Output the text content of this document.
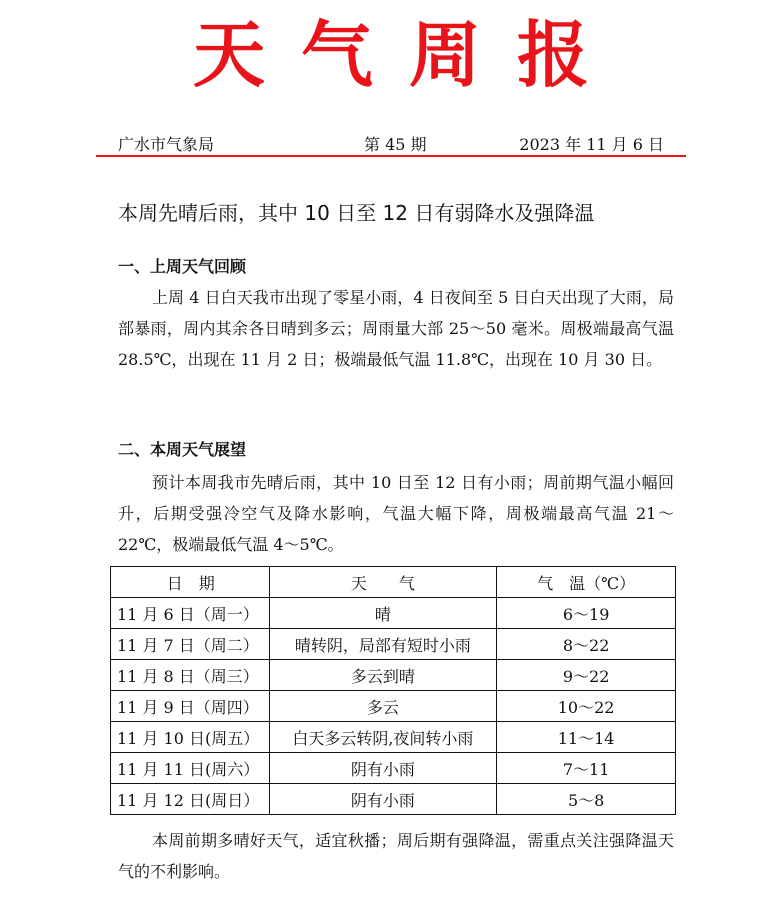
天气周报
广水市气象局	第 45 期	2023 年 11 月 6 日
本周先晴后雨，其中 10 日至 12 日有弱降水及强降温
一、上周天气回顾
上周 4 日白天我市出现了零星小雨，4 日夜间至 5 日白天出现了大雨，局部暴雨，周内其余各日晴到多云；周雨量大部 25～50 毫米。周极端最高气温 28.5℃，出现在 11 月 2 日；极端最低气温 11.8℃，出现在 10 月 30 日。
二、本周天气展望
预计本周我市先晴后雨，其中 10 日至 12 日有小雨；周前期气温小幅回升，后期受强冷空气及降水影响，气温大幅下降，周极端最高气温 21～22℃，极端最低气温 4～5℃。
日　期	天　　气	气　温（℃）
11 月 6 日（周一）	晴	6～19
11 月 7 日（周二）	晴转阴，局部有短时小雨	8～22
11 月 8 日（周三）	多云到晴	9～22
11 月 9 日（周四）	多云	10～22
11 月 10 日(周五）	白天多云转阴,夜间转小雨	11～14
11 月 11 日(周六）	阴有小雨	7～11
11 月 12 日(周日）	阴有小雨	5～8
本周前期多晴好天气，适宜秋播；周后期有强降温，需重点关注强降温天气的不利影响。
